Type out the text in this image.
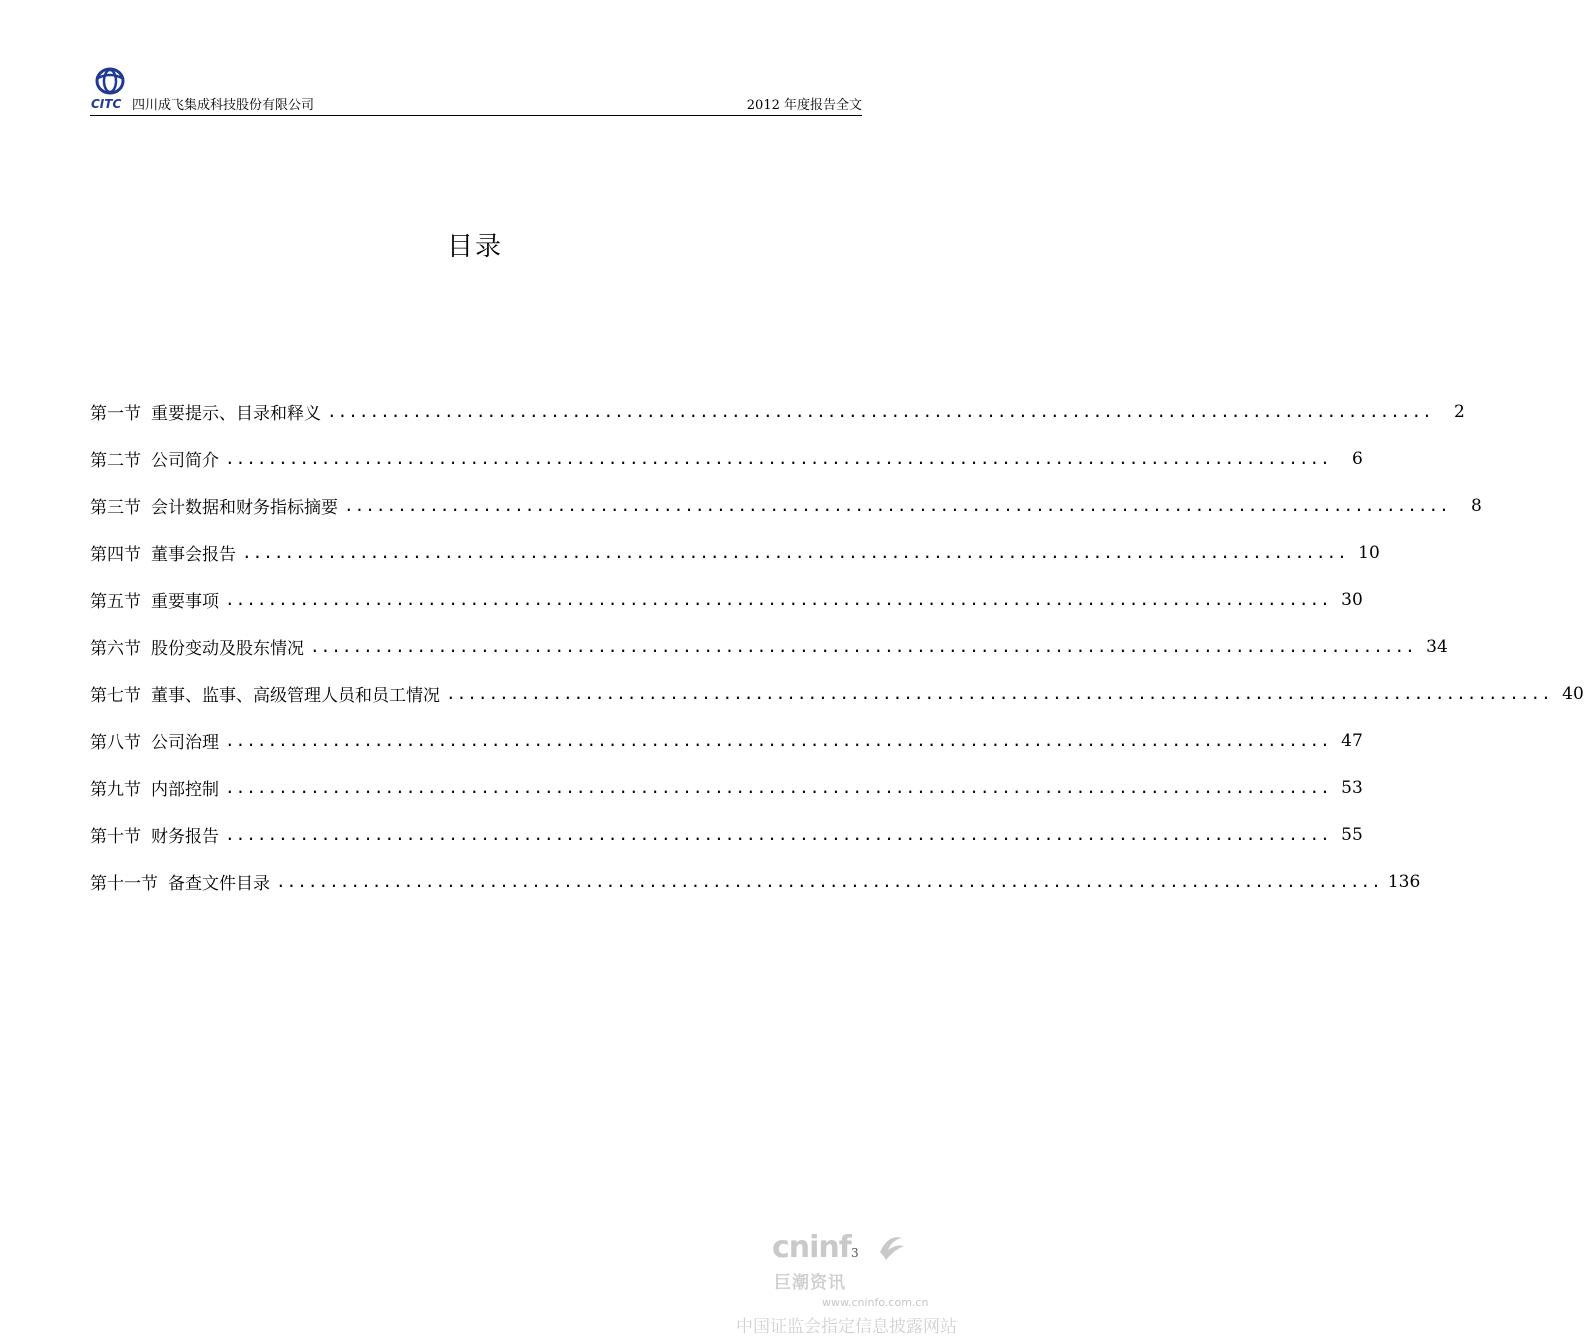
CITC 四川成飞集成科技股份有限公司	2012 年度报告全文
目录
第一节 重要提示、目录和释义 ........................................................................................................	2
第二节 公司简介 ........................................................................................................	6
第三节 会计数据和财务指标摘要 ........................................................................................................	8
第四节 董事会报告 ........................................................................................................ 10
第五节 重要事项 ........................................................................................................ 30
第六节 股份变动及股东情况 ........................................................................................................ 34
第七节 董事、监事、高级管理人员和员工情况 ........................................................................................................ 40
第八节 公司治理 ........................................................................................................ 47
第九节 内部控制 ........................................................................................................ 53
第十节 财务报告 ........................................................................................................ 55
第十一节 备查文件目录 ........................................................................................................ 136
3
cninf
巨潮资讯
www.cninfo.com.cn
中国证监会指定信息披露网站
